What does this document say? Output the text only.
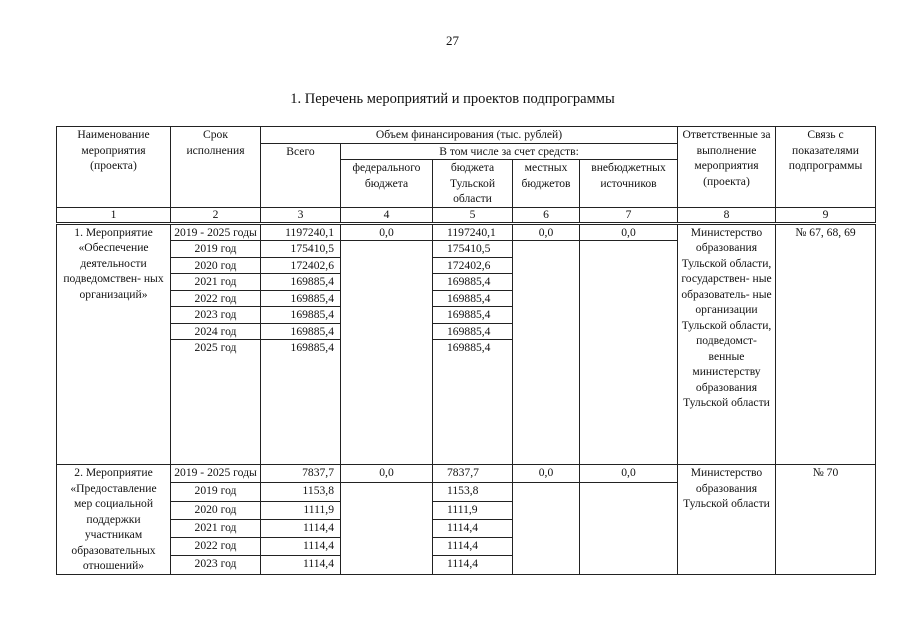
27
1. Перечень мероприятий и проектов подпрограммы
Наименование мероприятия (проекта)	Срок исполнения	Объем финансирования (тыс. рублей)					Ответственные за выполнение мероприятия (проекта)	Связь с показателями подпрограммы
		Всего	В том числе за счет средств:					
			федерального бюджета	бюджета Тульской области	местных бюджетов	внебюджетных источников		
1	2	3	4	5	6	7	8	9
1. Мероприятие «Обеспечение деятельности подведомствен- ных организаций»	2019 - 2025 годы	1197240,1	0,0	1197240,1	0,0	0,0	Министерство образования Тульской области, государствен- ные образователь- ные организации Тульской области, подведомст- венные министерству образования Тульской области	№ 67, 68, 69
	2019 год	175410,5		175410,5				
	2020 год	172402,6		172402,6				
	2021 год	169885,4		169885,4				
	2022 год	169885,4		169885,4				
	2023 год	169885,4		169885,4				
	2024 год	169885,4		169885,4				
	2025 год	169885,4		169885,4				
2. Мероприятие «Предоставление мер социальной поддержки участникам образовательных отношений»	2019 - 2025 годы	7837,7	0,0	7837,7	0,0	0,0	Министерство образования Тульской области	№ 70
	2019 год	1153,8		1153,8				
	2020 год	1111,9		1111,9				
	2021 год	1114,4		1114,4				
	2022 год	1114,4		1114,4				
	2023 год	1114,4		1114,4				
